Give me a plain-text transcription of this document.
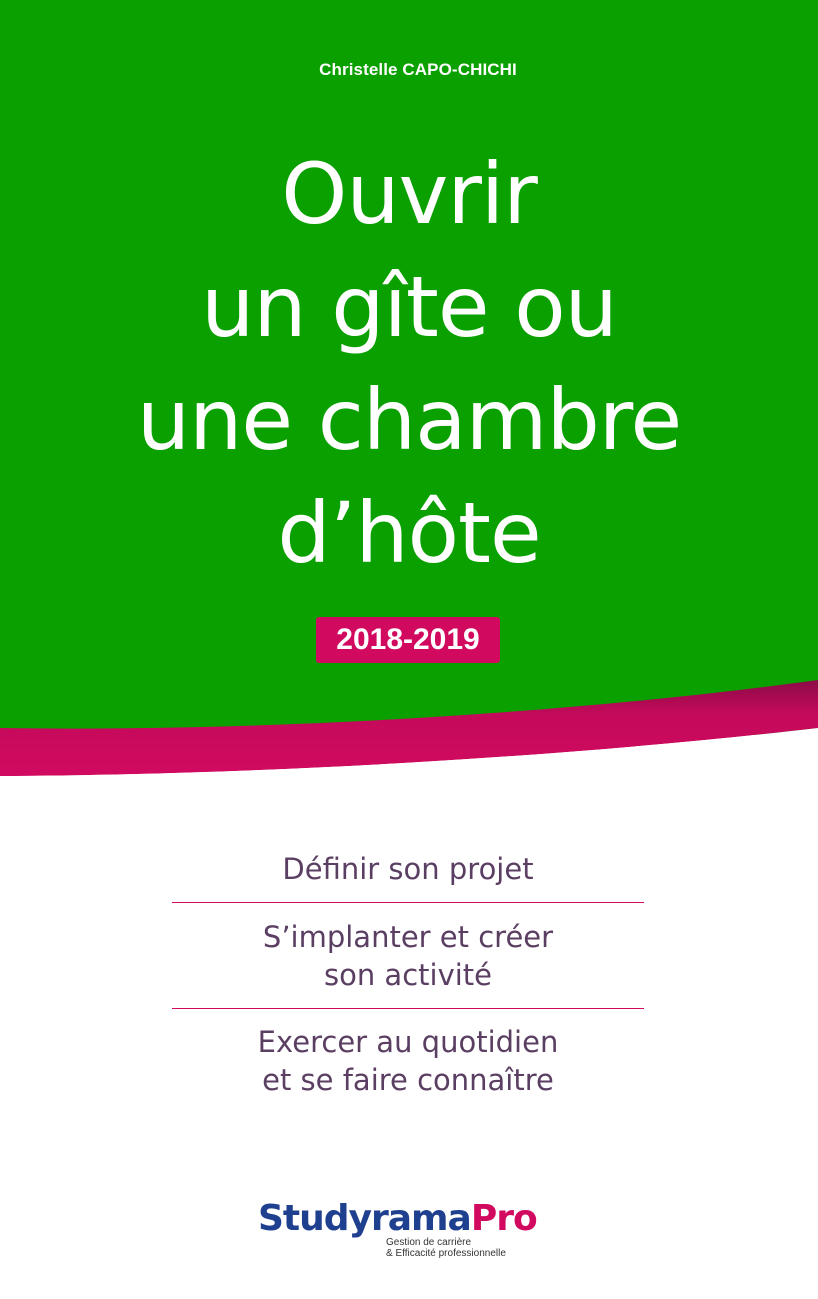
Christelle CAPO-CHICHI
Ouvrir
un gîte ou
une chambre
d’hôte
2018-2019
Définir son projet
S’implanter et créer
son activité
Exercer au quotidien
et se faire connaître
StudyramaPro
Gestion de carrière
& Efficacité professionnelle
